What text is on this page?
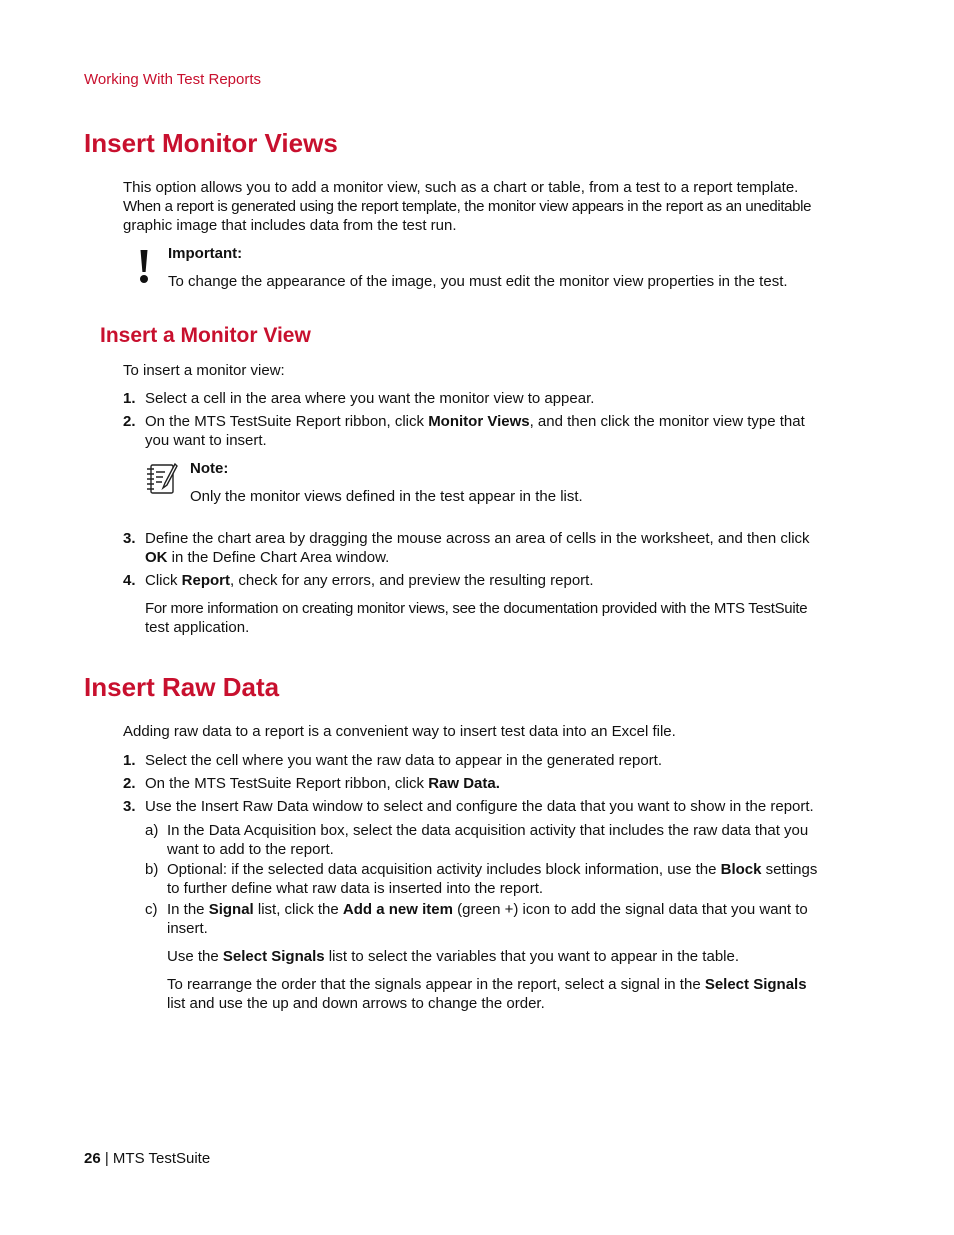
Working With Test Reports
Insert Monitor Views
This option allows you to add a monitor view, such as a chart or table, from a test to a report template.
When a report is generated using the report template, the monitor view appears in the report as an uneditable
graphic image that includes data from the test run.
Important:
To change the appearance of the image, you must edit the monitor view properties in the test.
Insert a Monitor View
To insert a monitor view:
1. Select a cell in the area where you want the monitor view to appear.
2. On the MTS TestSuite Report ribbon, click Monitor Views, and then click the monitor view type that
you want to insert.
Note:
Only the monitor views defined in the test appear in the list.
3. Define the chart area by dragging the mouse across an area of cells in the worksheet, and then click
OK in the Define Chart Area window.
4. Click Report, check for any errors, and preview the resulting report.
For more information on creating monitor views, see the documentation provided with the MTS TestSuite
test application.
Insert Raw Data
Adding raw data to a report is a convenient way to insert test data into an Excel file.
1. Select the cell where you want the raw data to appear in the generated report.
2. On the MTS TestSuite Report ribbon, click Raw Data.
3. Use the Insert Raw Data window to select and configure the data that you want to show in the report.
a) In the Data Acquisition box, select the data acquisition activity that includes the raw data that you
want to add to the report.
b) Optional: if the selected data acquisition activity includes block information, use the Block settings
to further define what raw data is inserted into the report.
c) In the Signal list, click the Add a new item (green +) icon to add the signal data that you want to
insert.
Use the Select Signals list to select the variables that you want to appear in the table.
To rearrange the order that the signals appear in the report, select a signal in the Select Signals
list and use the up and down arrows to change the order.
26 | MTS TestSuite
